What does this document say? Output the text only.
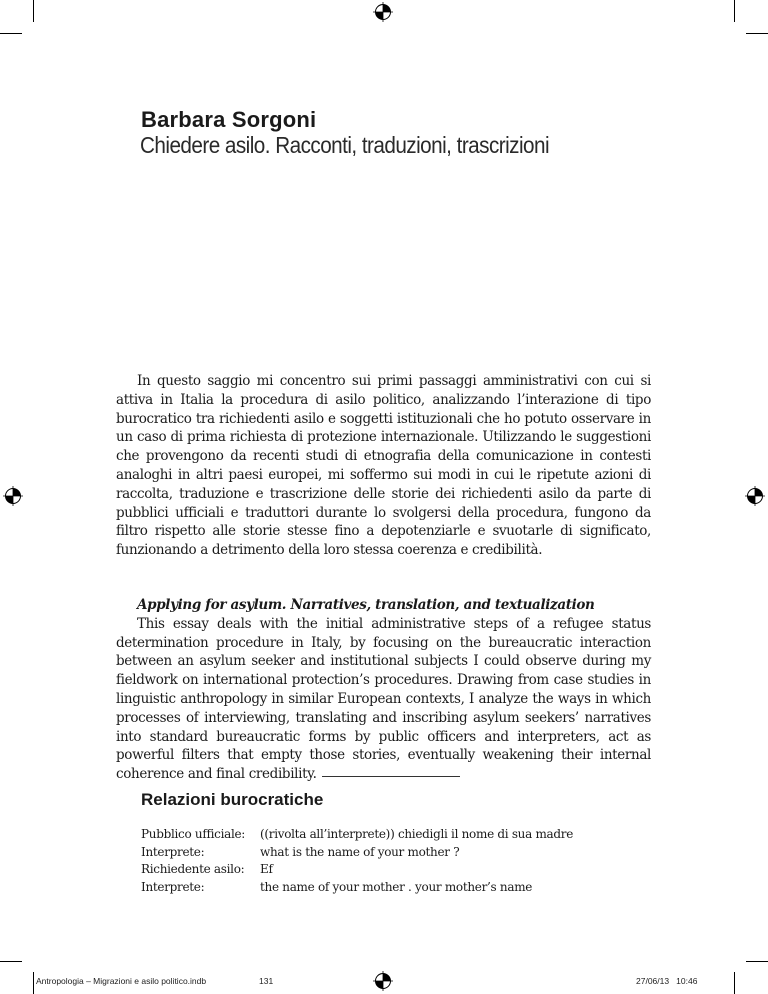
Barbara Sorgoni
Chiedere asilo. Racconti, traduzioni, trascrizioni

In questo saggio mi concentro sui primi passaggi amministrativi con cui si attiva in Italia la procedura di asilo politico, analizzando l’interazione di tipo burocratico tra richiedenti asilo e soggetti istituzionali che ho potuto osservare in un caso di prima richiesta di protezione internazionale. Utilizzando le suggestioni che provengono da recenti studi di etnografia della comunicazione in contesti analoghi in altri paesi europei, mi soffermo sui modi in cui le ripetute azioni di raccolta, traduzione e trascrizione delle storie dei richiedenti asilo da parte di pubblici ufficiali e traduttori durante lo svolgersi della procedura, fungono da filtro rispetto alle storie stesse fino a depotenziarle e svuotarle di significato, funzionando a detrimento della loro stessa coerenza e credibilità.

Applying for asylum. Narratives, translation, and textualization
This essay deals with the initial administrative steps of a refugee status determination procedure in Italy, by focusing on the bureaucratic interaction between an asylum seeker and institutional subjects I could observe during my fieldwork on international protection’s procedures. Drawing from case studies in linguistic anthropology in similar European contexts, I analyze the ways in which processes of interviewing, translating and inscribing asylum seekers’ narratives into standard bureaucratic forms by public officers and interpreters, act as powerful filters that empty those stories, eventually weakening their internal coherence and final credibility.
Relazioni burocratiche
Pubblico ufficiale:	((rivolta all’interprete)) chiedigli il nome di sua madre
Interprete:	what is the name of your mother ?
Richiedente asilo:	Ef
Interprete:	the name of your mother . your mother’s name
Antropologia – Migrazioni e asilo politico.indb	131	27/06/13   10:46
